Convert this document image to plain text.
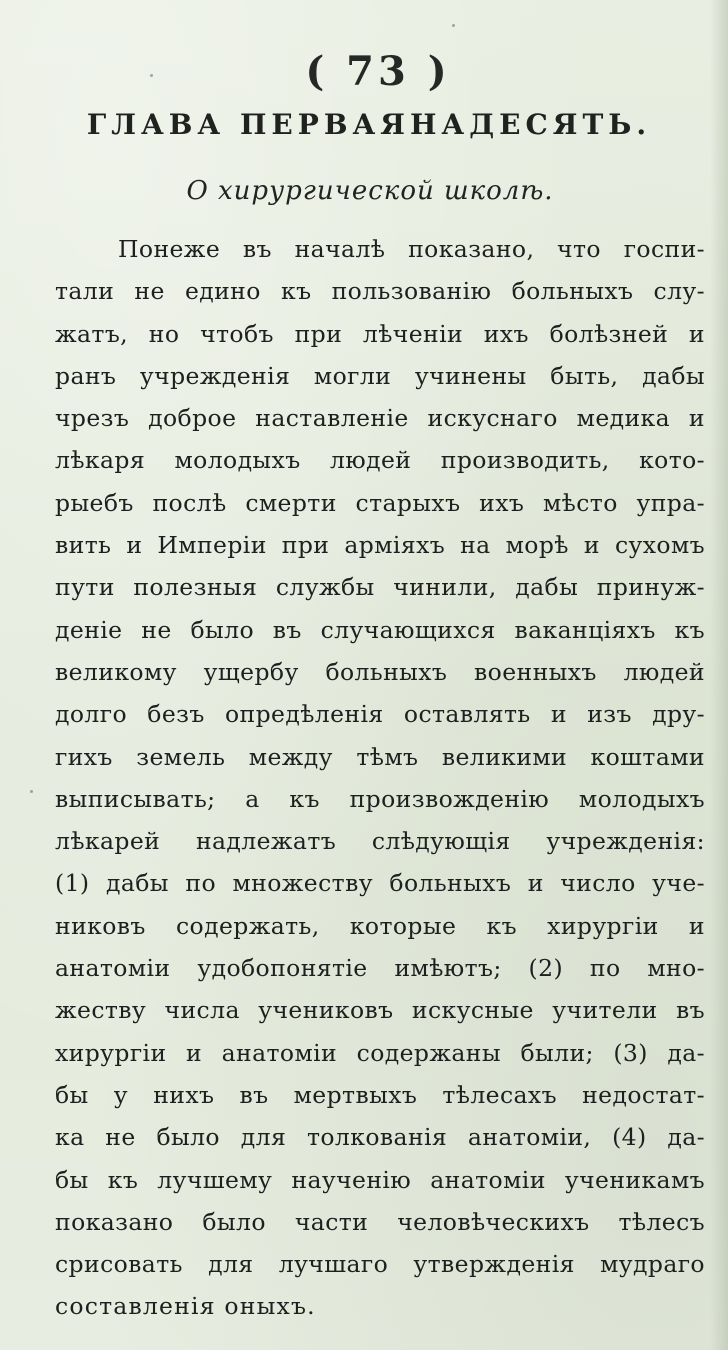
( 73 )
ГЛАВА ПЕРВАЯНАДЕСЯТЬ.
О хирургической школѣ.
Понеже въ началѣ показано, что госпи-
тали не едино къ пользованію больныхъ слу-
жатъ, но чтобъ при лѣченіи ихъ болѣзней и
ранъ учрежденія могли учинены быть, дабы
чрезъ доброе наставленіе искуснаго медика и
лѣкаря молодыхъ людей производить, кото-
рыебъ послѣ смерти старыхъ ихъ мѣсто упра-
вить и Имперіи при арміяхъ на морѣ и сухомъ
пути полезныя службы чинили, дабы принуж-
деніе не было въ случающихся ваканціяхъ къ
великому ущербу больныхъ военныхъ людей
долго безъ опредѣленія оставлять и изъ дру-
гихъ земель между тѣмъ великими коштами
выписывать; а къ произвожденію молодыхъ
лѣкарей надлежатъ слѣдующія учрежденія:
(1) дабы по множеству больныхъ и число уче-
никовъ содержать, которые къ хирургіи и
анатоміи удобопонятіе имѣютъ; (2) по мно-
жеству числа учениковъ искусные учители въ
хирургіи и анатоміи содержаны были; (3) да-
бы у нихъ въ мертвыхъ тѣлесахъ недостат-
ка не было для толкованія анатоміи, (4) да-
бы къ лучшему наученію анатоміи ученикамъ
показано было части человѣческихъ тѣлесъ
срисовать для лучшаго утвержденія мудраго
составленія оныхъ.
